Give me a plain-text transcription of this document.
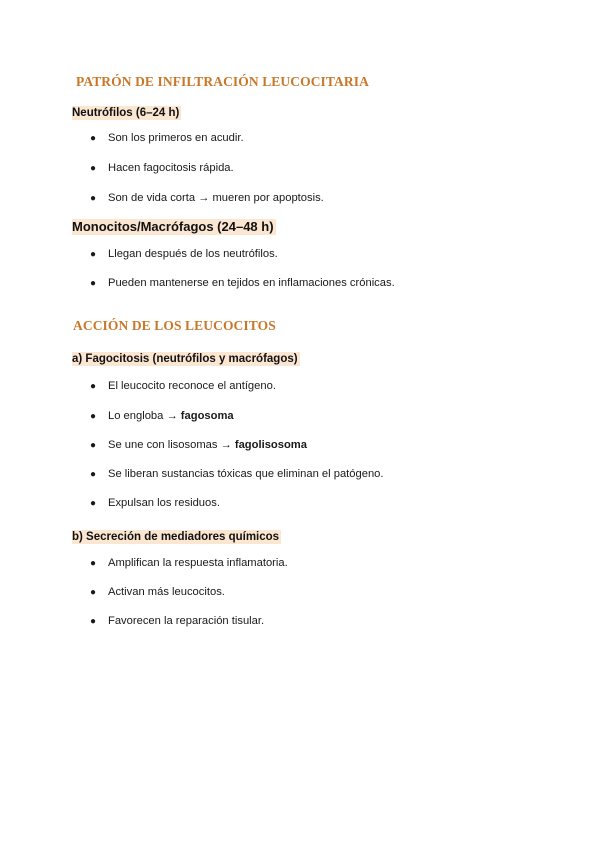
PATRÓN DE INFILTRACIÓN LEUCOCITARIA
Neutrófilos (6–24 h)
● Son los primeros en acudir.
● Hacen fagocitosis rápida.
● Son de vida corta → mueren por apoptosis.
Monocitos/Macrófagos (24–48 h)
● Llegan después de los neutrófilos.
● Pueden mantenerse en tejidos en inflamaciones crónicas.
ACCIÓN DE LOS LEUCOCITOS
a) Fagocitosis (neutrófilos y macrófagos)
● El leucocito reconoce el antígeno.
● Lo engloba → fagosoma
● Se une con lisosomas → fagolisosoma
● Se liberan sustancias tóxicas que eliminan el patógeno.
● Expulsan los residuos.
b) Secreción de mediadores químicos
● Amplifican la respuesta inflamatoria.
● Activan más leucocitos.
● Favorecen la reparación tisular.
